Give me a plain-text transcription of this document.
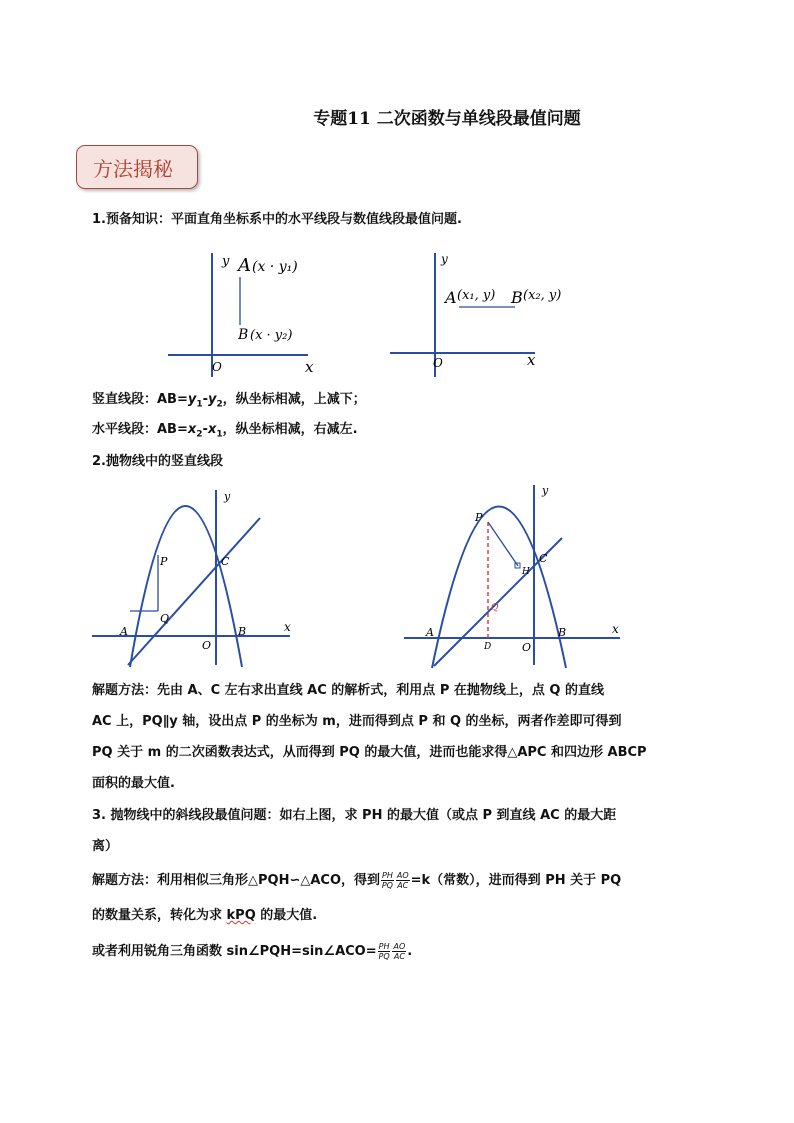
专题11 二次函数与单线段最值问题
方法揭秘
1.预备知识：平面直角坐标系中的水平线段与数值线段最值问题.
y
x
O
A (x · y₁)
B (x · y₂)
y
x
O
A (x₁, y) B (x₂, y)
竖直线段：$AB=y_1-y_2$，纵坐标相减，上减下；
水平线段：$AB=x_2-x_1$，纵坐标相减，右减左.
2.抛物线中的竖直线段
y
x
O
A	B
C
P
Q
y
x
O
A	B
C
P
Q
H
D
解题方法：先由 A、C 左右求出直线 AC 的解析式，利用点 P 在抛物线上，点 Q 的直线
AC 上，PQ∥y 轴，设出点 P 的坐标为 m，进而得到点 P 和 Q 的坐标，两者作差即可得到
PQ 关于 m 的二次函数表达式，从而得到 PQ 的最大值，进而也能求得△APC 和四边形 ABCP
面积的最大值.
3. 抛物线中的斜线段最值问题：如右上图，求 PH 的最大值（或点 P 到直线 AC 的最大距
离）
解题方法：利用相似三角形△PQH∽△ACO，得到 $\frac{PH}{PQ} \frac{AO}{AC} =k$（常数），进而得到 PH 关于 PQ
的数量关系，转化为求 kPQ 的最大值.
或者利用锐角三角函数 sin∠PQH=sin∠ACO= $\frac{PH}{PQ} \frac{AO}{AC}$ .
